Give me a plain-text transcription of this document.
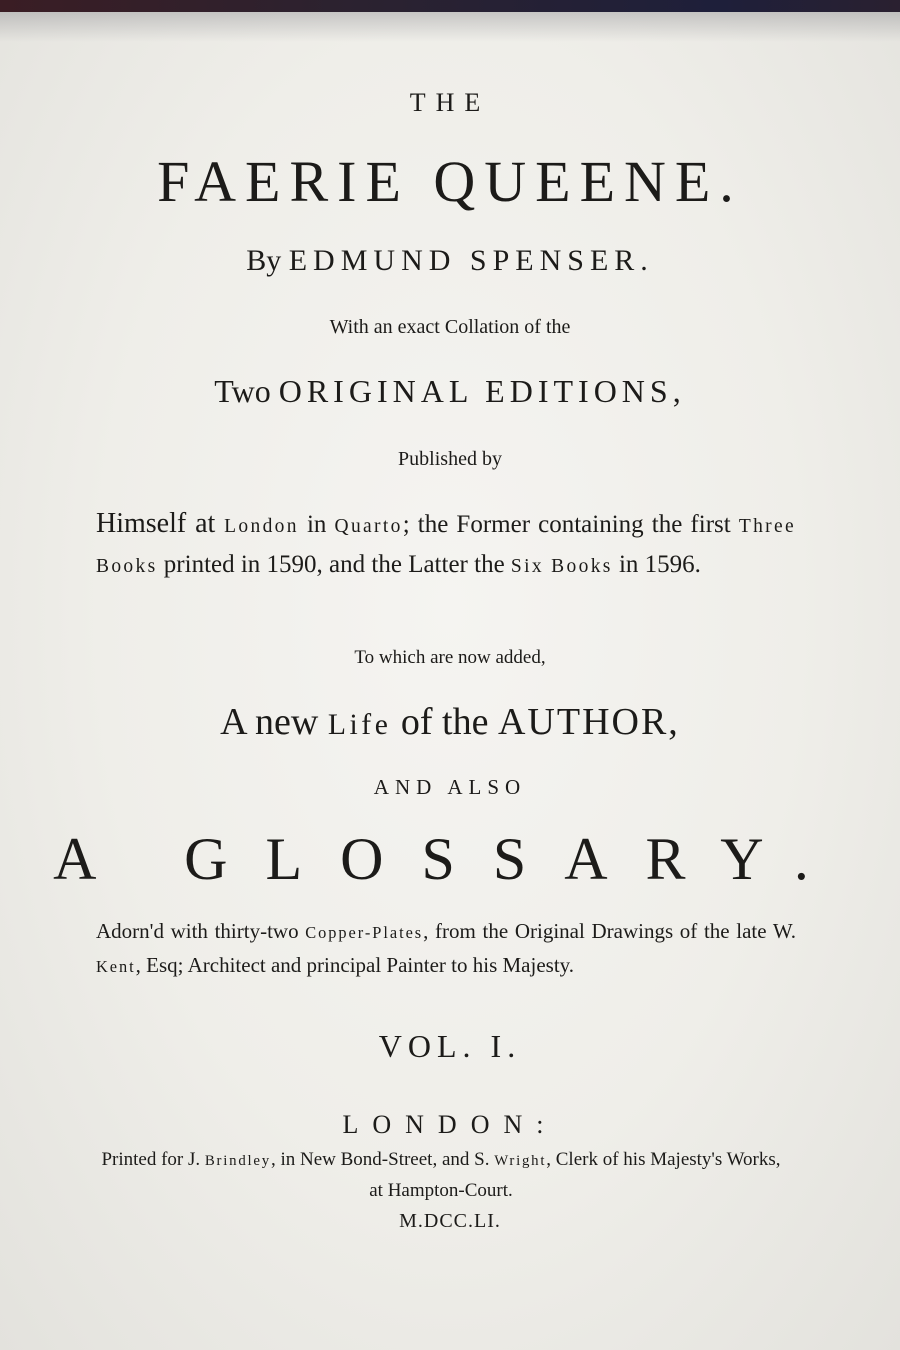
THE
FAERIE QUEENE.
By EDMUND SPENSER.
With an exact Collation of the
Two ORIGINAL EDITIONS,
Published by
Himself at London in Quarto; the Former containing the first Three Books printed in 1590, and the Latter the Six Books in 1596.
To which are now added,
A new Life of the AUTHOR,
AND ALSO
A GLOSSARY.
Adorn'd with thirty-two Copper-Plates, from the Original Drawings of the late W. Kent, Esq; Architect and principal Painter to his Majesty.
VOL. I.
LONDON:
Printed for J. Brindley, in New Bond-Street, and S. Wright, Clerk of his Majesty's Works, at Hampton-Court.
M.DCC.LI.
